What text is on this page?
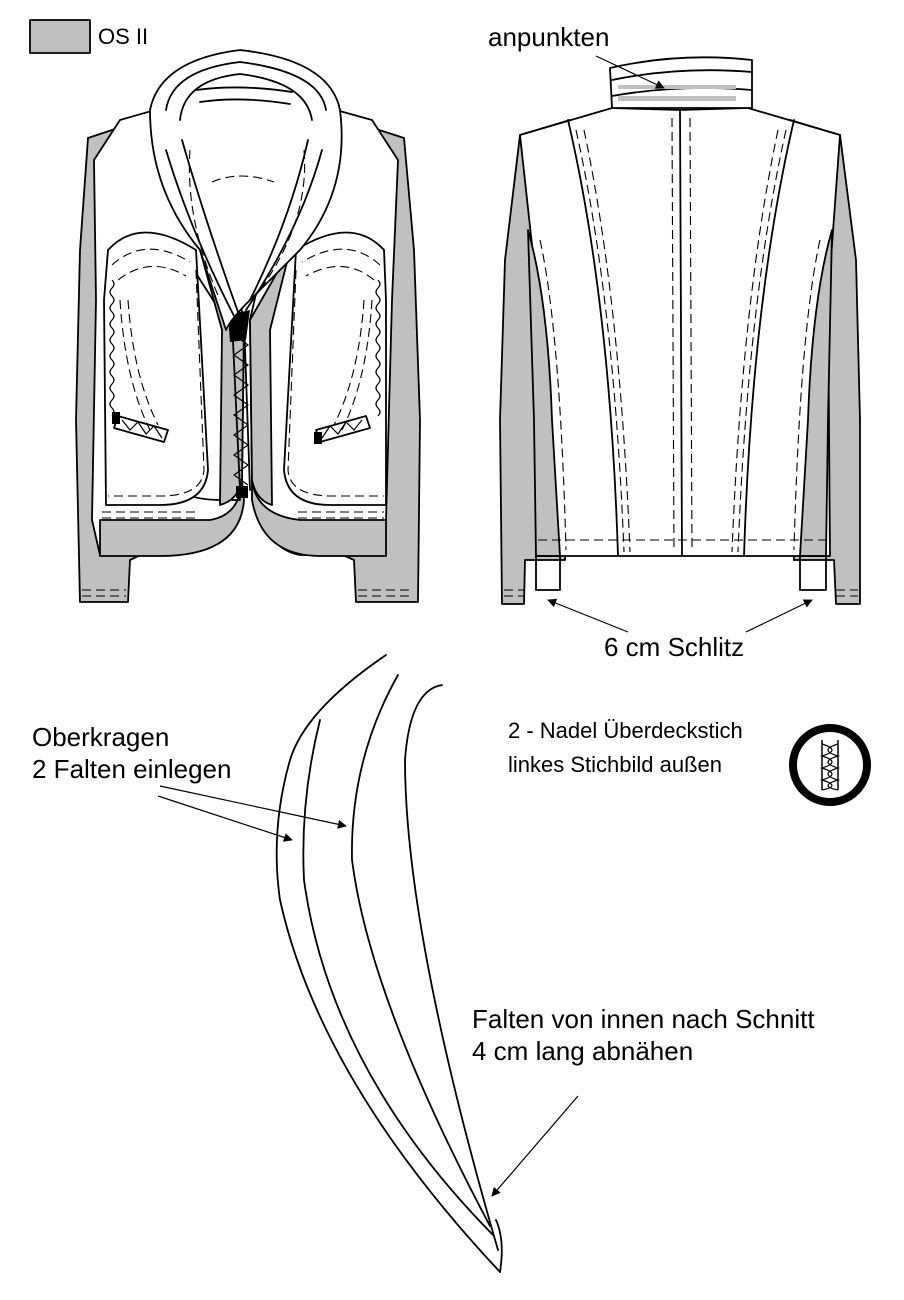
OS II	anpunkten
6 cm Schlitz
Oberkragen
2 Falten einlegen
2 - Nadel Überdeckstich
linkes Stichbild außen
Falten von innen nach Schnitt
4 cm lang abnähen
